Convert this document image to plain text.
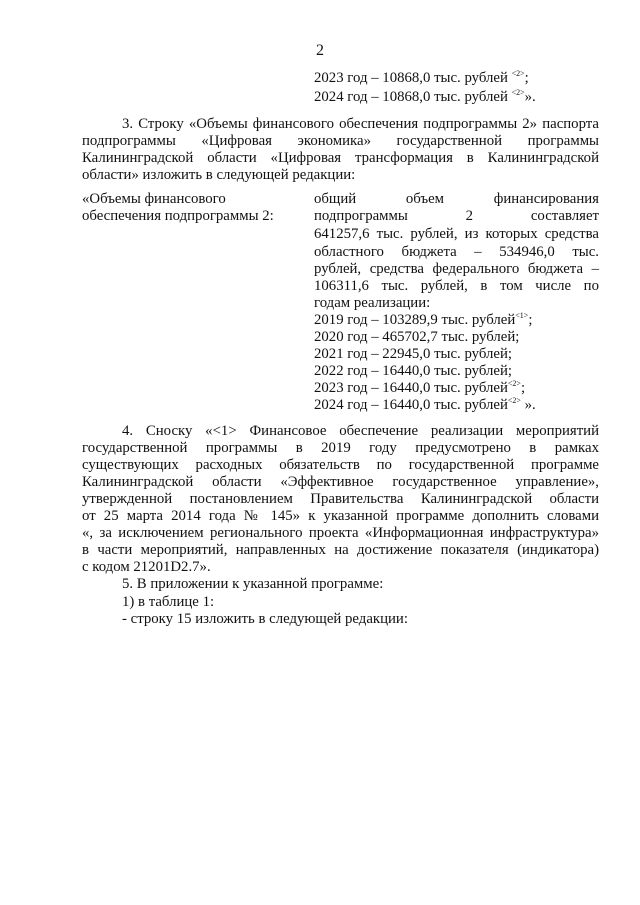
2
2023 год – 10868,0 тыс. рублей $^{<2>}$;
2024 год – 10868,0 тыс. рублей $^{<2>}$».
3. Строку «Объемы финансового обеспечения подпрограммы 2» паспорта
подпрограммы «Цифровая экономика» государственной программы
Калининградской области «Цифровая трансформация в Калининградской
области» изложить в следующей редакции:
«Объемы финансового
обеспечения подпрограммы 2:
общий объем финансирования
подпрограммы 2 составляет
641257,6 тыс. рублей, из которых средства
областного бюджета – 534946,0 тыс.
рублей, средства федерального бюджета –
106311,6 тыс. рублей, в том числе по
годам реализации:
2019 год – 103289,9 тыс. рублей$^{<1>}$;
2020 год – 465702,7 тыс. рублей;
2021 год – 22945,0 тыс. рублей;
2022 год – 16440,0 тыс. рублей;
2023 год – 16440,0 тыс. рублей$^{<2>}$;
2024 год – 16440,0 тыс. рублей$^{<2>}$ ».
4. Сноску «<1> Финансовое обеспечение реализации мероприятий
государственной программы в 2019 году предусмотрено в рамках
существующих расходных обязательств по государственной программе
Калининградской области «Эффективное государственное управление»,
утвержденной постановлением Правительства Калининградской области
от 25 марта 2014 года № 145» к указанной программе дополнить словами
«, за исключением регионального проекта «Информационная инфраструктура»
в части мероприятий, направленных на достижение показателя (индикатора)
с кодом 21201D2.7».
5. В приложении к указанной программе:
1) в таблице 1:
- строку 15 изложить в следующей редакции:
